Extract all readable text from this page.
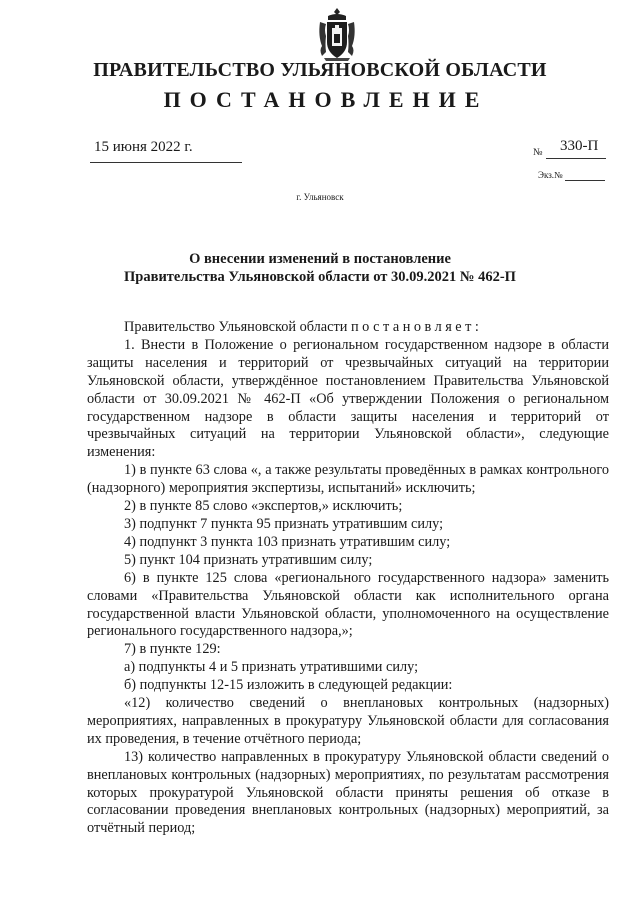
ПРАВИТЕЛЬСТВО УЛЬЯНОВСКОЙ ОБЛАСТИ
ПОСТАНОВЛЕНИЕ
15 июня 2022 г.	№ 330-П
Экз.№
г. Ульяновск
О внесении изменений в постановление
Правительства Ульяновской области от 30.09.2021 № 462-П

Правительство Ульяновской области постановляет:

1. Внести в Положение о региональном государственном надзоре в области защиты населения и территорий от чрезвычайных ситуаций на территории Ульяновской области, утверждённое постановлением Правительства Ульяновской области от 30.09.2021 № 462-П «Об утверждении Положения о региональном государственном надзоре в области защиты населения и территорий от чрезвычайных ситуаций на территории Ульяновской области», следующие изменения:

1) в пункте 63 слова «, а также результаты проведённых в рамках контрольного (надзорного) мероприятия экспертизы, испытаний» исключить;

2) в пункте 85 слово «экспертов,» исключить;

3) подпункт 7 пункта 95 признать утратившим силу;

4) подпункт 3 пункта 103 признать утратившим силу;

5) пункт 104 признать утратившим силу;

6) в пункте 125 слова «регионального государственного надзора» заменить словами «Правительства Ульяновской области как исполнительного органа государственной власти Ульяновской области, уполномоченного на осуществление регионального государственного надзора,»;

7) в пункте 129:

а) подпункты 4 и 5 признать утратившими силу;

б) подпункты 12-15 изложить в следующей редакции:

«12) количество сведений о внеплановых контрольных (надзорных) мероприятиях, направленных в прокуратуру Ульяновской области для согласования их проведения, в течение отчётного периода;

13) количество направленных в прокуратуру Ульяновской области сведений о внеплановых контрольных (надзорных) мероприятиях, по результатам рассмотрения которых прокуратурой Ульяновской области приняты решения об отказе в согласовании проведения внеплановых контрольных (надзорных) мероприятий, за отчётный период;
